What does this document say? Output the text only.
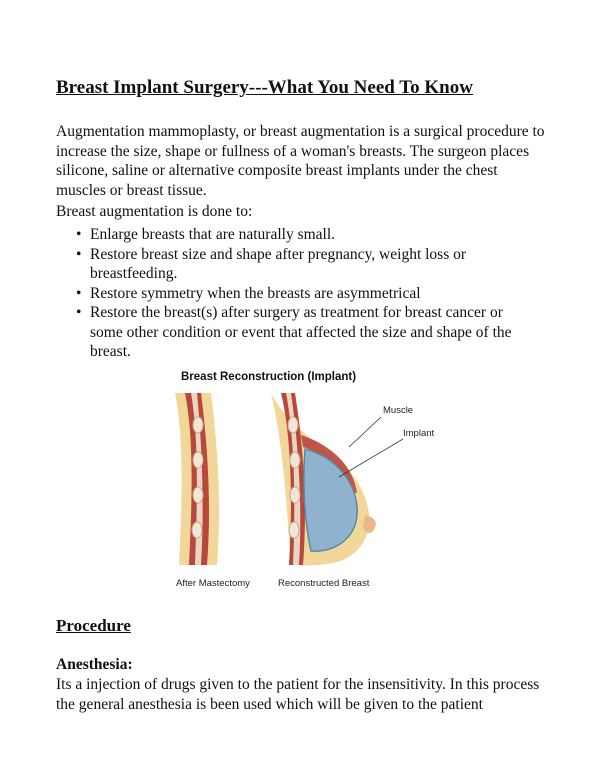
Breast Implant Surgery---What You Need To Know

Augmentation mammoplasty, or breast augmentation is a surgical procedure to increase the size, shape or fullness of a woman's breasts. The surgeon places silicone, saline or alternative composite breast implants under the chest muscles or breast tissue.

Breast augmentation is done to:

• Enlarge breasts that are naturally small.
• Restore breast size and shape after pregnancy, weight loss or breastfeeding.
• Restore symmetry when the breasts are asymmetrical
• Restore the breast(s) after surgery as treatment for breast cancer or some other condition or event that affected the size and shape of the breast.
Breast Reconstruction (Implant)
Muscle
Implant
After Mastectomy	Reconstructed Breast
Procedure
Anesthesia:

Its a injection of drugs given to the patient for the insensitivity. In this process the general anesthesia is been used which will be given to the patient
